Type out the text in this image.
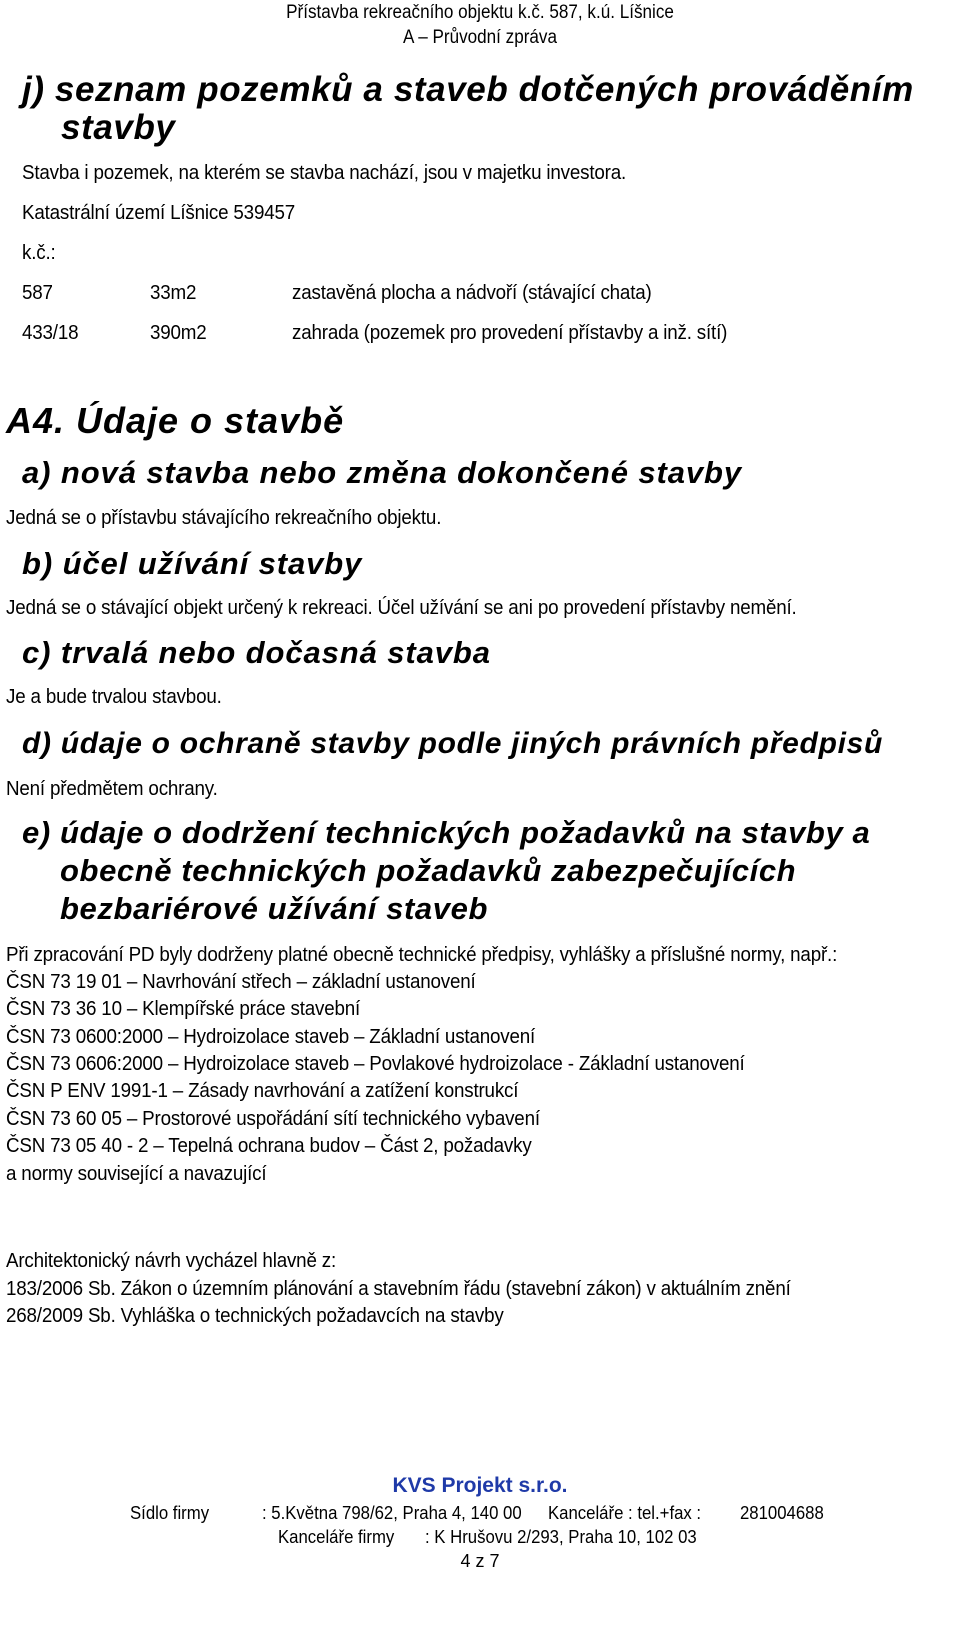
Přístavba rekreačního objektu k.č. 587, k.ú. Líšnice
A – Průvodní zpráva
j) seznam pozemků a staveb dotčených prováděním
stavby
Stavba i pozemek, na kterém se stavba nachází, jsou v majetku investora.
Katastrální území Líšnice 539457
k.č.:
587	33m2	zastavěná plocha a nádvoří (stávající chata)
433/18	390m2	zahrada (pozemek pro provedení přístavby a inž. sítí)
A4. Údaje o stavbě
a) nová stavba nebo změna dokončené stavby
Jedná se o přístavbu stávajícího rekreačního objektu.
b) účel užívání stavby
Jedná se o stávající objekt určený k rekreaci. Účel užívání se ani po provedení přístavby nemění.
c) trvalá nebo dočasná stavba
Je a bude trvalou stavbou.
d) údaje o ochraně stavby podle jiných právních předpisů
Není předmětem ochrany.
e) údaje o dodržení technických požadavků na stavby a
obecně technických požadavků zabezpečujících
bezbariérové užívání staveb
Při zpracování PD byly dodrženy platné obecně technické předpisy, vyhlášky a příslušné normy, např.:
ČSN 73 19 01 – Navrhování střech – základní ustanovení
ČSN 73 36 10 – Klempířské práce stavební
ČSN 73 0600:2000 – Hydroizolace staveb – Základní ustanovení
ČSN 73 0606:2000 – Hydroizolace staveb – Povlakové hydroizolace - Základní ustanovení
ČSN P ENV 1991-1 – Zásady navrhování a zatížení konstrukcí
ČSN 73 60 05 – Prostorové uspořádání sítí technického vybavení
ČSN 73 05 40 - 2 – Tepelná ochrana budov – Část 2, požadavky
a normy související a navazující
Architektonický návrh vycházel hlavně z:
183/2006 Sb. Zákon o územním plánování a stavebním řádu (stavební zákon) v aktuálním znění
268/2009 Sb. Vyhláška o technických požadavcích na stavby
KVS Projekt s.r.o.
Sídlo firmy	: 5.Května 798/62, Praha 4, 140 00 Kanceláře : tel.+fax : 281004688
Kanceláře firmy : K Hrušovu 2/293, Praha 10, 102 03
4 z 7
